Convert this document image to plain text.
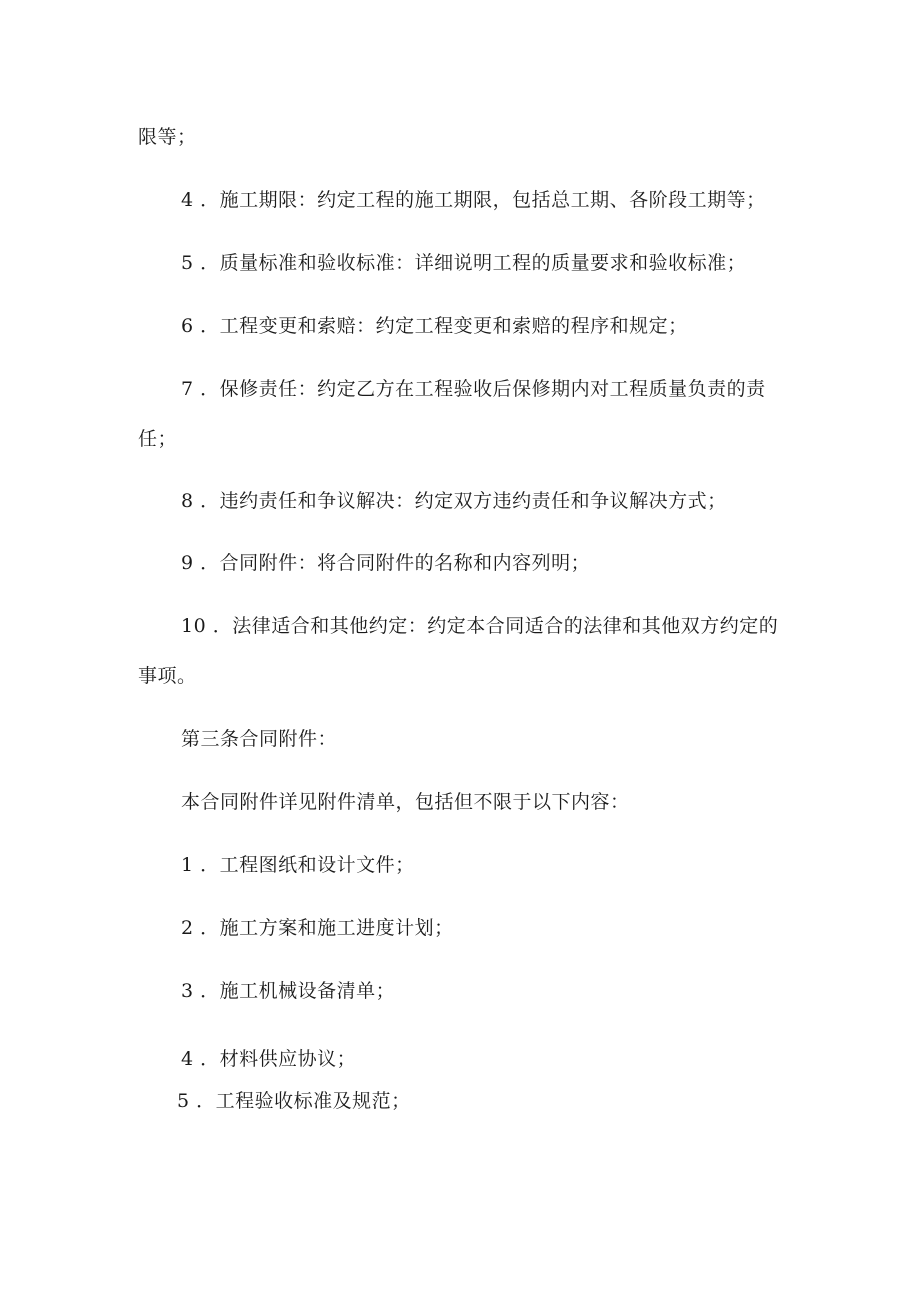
限等；

4 ．施工期限：约定工程的施工期限，包括总工期、各阶段工期等；

5 ．质量标准和验收标准：详细说明工程的质量要求和验收标准；

6 ．工程变更和索赔：约定工程变更和索赔的程序和规定；

7 ．保修责任：约定乙方在工程验收后保修期内对工程质量负责的责

任；

8 ．违约责任和争议解决：约定双方违约责任和争议解决方式；

9 ．合同附件：将合同附件的名称和内容列明；

10 ．法律适合和其他约定：约定本合同适合的法律和其他双方约定的

事项。

第三条合同附件：

本合同附件详见附件清单，包括但不限于以下内容：

1 ．工程图纸和设计文件；

2 ．施工方案和施工进度计划；

3 ．施工机械设备清单；

4 ．材料供应协议；

5 ．工程验收标准及规范；
